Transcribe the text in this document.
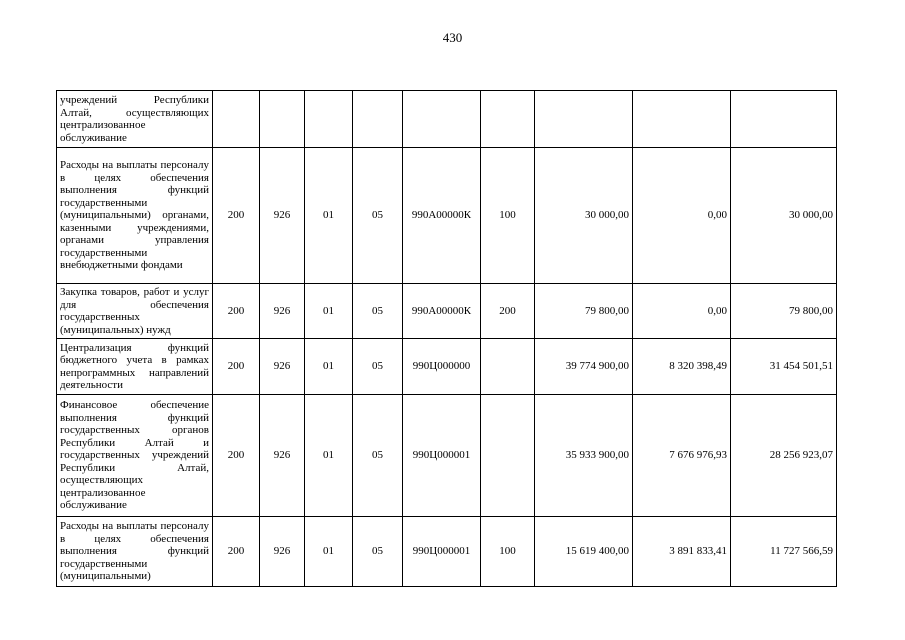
430
учреждений Республики Алтай, осуществляющих централизованное обслуживание									
Расходы на выплаты персоналу в целях обеспечения выполнения функций государственными (муниципальными) органами, казенными учреждениями, органами управления государственными внебюджетными фондами	200	926	01	05	990А00000К	100	30 000,00	0,00	30 000,00
Закупка товаров, работ и услуг для обеспечения государственных (муниципальных) нужд	200	926	01	05	990А00000К	200	79 800,00	0,00	79 800,00
Централизация функций бюджетного учета в рамках непрограммных направлений деятельности	200	926	01	05	990Ц000000		39 774 900,00	8 320 398,49	31 454 501,51
Финансовое обеспечение выполнения функций государственных органов Республики Алтай и государственных учреждений Республики Алтай, осуществляющих централизованное обслуживание	200	926	01	05	990Ц000001		35 933 900,00	7 676 976,93	28 256 923,07
Расходы на выплаты персоналу в целях обеспечения выполнения функций государственными (муниципальными)	200	926	01	05	990Ц000001	100	15 619 400,00	3 891 833,41	11 727 566,59
